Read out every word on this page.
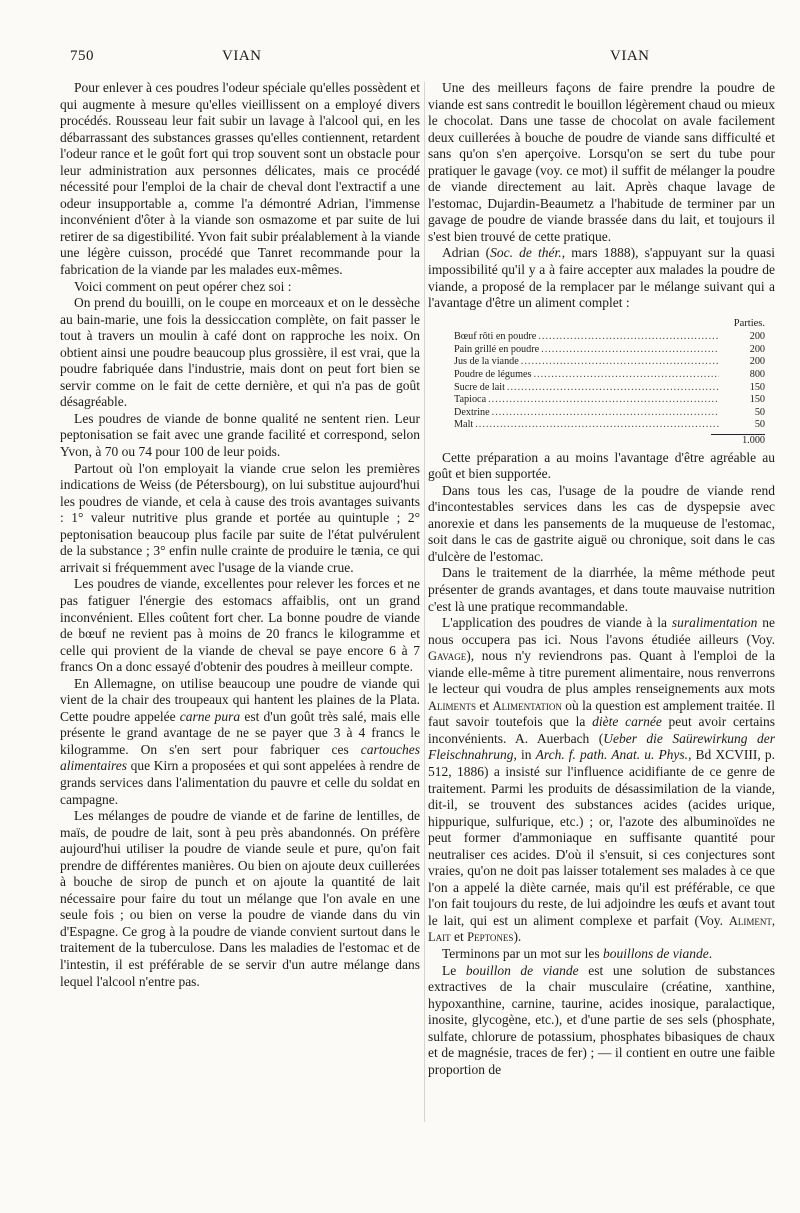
750	VIAN	VIAN

Pour enlever à ces poudres l'odeur spéciale qu'elles possèdent et qui augmente à mesure qu'elles vieillissent on a employé divers procédés. Rousseau leur fait subir un lavage à l'alcool qui, en les débarrassant des substances grasses qu'elles contiennent, retardent l'odeur rance et le goût fort qui trop souvent sont un obstacle pour leur administration aux personnes délicates, mais ce procédé nécessité pour l'emploi de la chair de cheval dont l'extractif a une odeur insupportable a, comme l'a démontré Adrian, l'immense inconvénient d'ôter à la viande son osmazome et par suite de lui retirer de sa digestibilité. Yvon fait subir préalablement à la viande une légère cuisson, procédé que Tanret recommande pour la fabrication de la viande par les malades eux-mêmes.

Voici comment on peut opérer chez soi :

On prend du bouilli, on le coupe en morceaux et on le dessèche au bain-marie, une fois la dessiccation complète, on fait passer le tout à travers un moulin à café dont on rapproche les noix. On obtient ainsi une poudre beaucoup plus grossière, il est vrai, que la poudre fabriquée dans l'industrie, mais dont on peut fort bien se servir comme on le fait de cette dernière, et qui n'a pas de goût désagréable.

Les poudres de viande de bonne qualité ne sentent rien. Leur peptonisation se fait avec une grande facilité et correspond, selon Yvon, à 70 ou 74 pour 100 de leur poids.

Partout où l'on employait la viande crue selon les premières indications de Weiss (de Pétersbourg), on lui substitue aujourd'hui les poudres de viande, et cela à cause des trois avantages suivants : 1° valeur nutritive plus grande et portée au quintuple ; 2° peptonisation beaucoup plus facile par suite de l'état pulvérulent de la substance ; 3° enfin nulle crainte de produire le tænia, ce qui arrivait si fréquemment avec l'usage de la viande crue.

Les poudres de viande, excellentes pour relever les forces et ne pas fatiguer l'énergie des estomacs affaiblis, ont un grand inconvénient. Elles coûtent fort cher. La bonne poudre de viande de bœuf ne revient pas à moins de 20 francs le kilogramme et celle qui provient de la viande de cheval se paye encore 6 à 7 francs On a donc essayé d'obtenir des poudres à meilleur compte.

En Allemagne, on utilise beaucoup une poudre de viande qui vient de la chair des troupeaux qui hantent les plaines de la Plata. Cette poudre appelée carne pura est d'un goût très salé, mais elle présente le grand avantage de ne se payer que 3 à 4 francs le kilogramme. On s'en sert pour fabriquer ces cartouches alimentaires que Kirn a proposées et qui sont appelées à rendre de grands services dans l'alimentation du pauvre et celle du soldat en campagne.

Les mélanges de poudre de viande et de farine de lentilles, de maïs, de poudre de lait, sont à peu près abandonnés. On préfère aujourd'hui utiliser la poudre de viande seule et pure, qu'on fait prendre de différentes manières. Ou bien on ajoute deux cuillerées à bouche de sirop de punch et on ajoute la quantité de lait nécessaire pour faire du tout un mélange que l'on avale en une seule fois ; ou bien on verse la poudre de viande dans du vin d'Espagne. Ce grog à la poudre de viande convient surtout dans le traitement de la tuberculose. Dans les maladies de l'estomac et de l'intestin, il est préférable de se servir d'un autre mélange dans lequel l'alcool n'entre pas.

Une des meilleurs façons de faire prendre la poudre de viande est sans contredit le bouillon légèrement chaud ou mieux le chocolat. Dans une tasse de chocolat on avale facilement deux cuillerées à bouche de poudre de viande sans difficulté et sans qu'on s'en aperçoive. Lorsqu'on se sert du tube pour pratiquer le gavage (voy. ce mot) il suffit de mélanger la poudre de viande directement au lait. Après chaque lavage de l'estomac, Dujardin-Beaumetz a l'habitude de terminer par un gavage de poudre de viande brassée dans du lait, et toujours il s'est bien trouvé de cette pratique.

Adrian (Soc. de thér., mars 1888), s'appuyant sur la quasi impossibilité qu'il y a à faire accepter aux malades la poudre de viande, a proposé de la remplacer par le mélange suivant qui a l'avantage d'être un aliment complet :

Parties.
Bœuf rôti en poudre .....	200
Pain grillé en poudre .....	200
Jus de la viande .....	200
Poudre de légumes .....	800
Sucre de lait .....	150
Tapioca .....	150
Dextrine .....	50
Malt .....	50
1.000

Cette préparation a au moins l'avantage d'être agréable au goût et bien supportée.

Dans tous les cas, l'usage de la poudre de viande rend d'incontestables services dans les cas de dyspepsie avec anorexie et dans les pansements de la muqueuse de l'estomac, soit dans le cas de gastrite aiguë ou chronique, soit dans le cas d'ulcère de l'estomac.

Dans le traitement de la diarrhée, la même méthode peut présenter de grands avantages, et dans toute mauvaise nutrition c'est là une pratique recommandable.

L'application des poudres de viande à la suralimentation ne nous occupera pas ici. Nous l'avons étudiée ailleurs (Voy. Gavage), nous n'y reviendrons pas. Quant à l'emploi de la viande elle-même à titre purement alimentaire, nous renverrons le lecteur qui voudra de plus amples renseignements aux mots Aliments et Alimentation où la question est amplement traitée. Il faut savoir toutefois que la diète carnée peut avoir certains inconvénients. A. Auerbach (Ueber die Saürewirkung der Fleischnahrung, in Arch. f. path. Anat. u. Phys., Bd XCVIII, p. 512, 1886) a insisté sur l'influence acidifiante de ce genre de traitement. Parmi les produits de désassimilation de la viande, dit-il, se trouvent des substances acides (acides urique, hippurique, sulfurique, etc.) ; or, l'azote des albuminoïdes ne peut former d'ammoniaque en suffisante quantité pour neutraliser ces acides. D'où il s'ensuit, si ces conjectures sont vraies, qu'on ne doit pas laisser totalement ses malades à ce que l'on a appelé la diète carnée, mais qu'il est préférable, ce que l'on fait toujours du reste, de lui adjoindre les œufs et avant tout le lait, qui est un aliment complexe et parfait (Voy. Aliment, Lait et Peptones).

Terminons par un mot sur les bouillons de viande.

Le bouillon de viande est une solution de substances extractives de la chair musculaire (créatine, xanthine, hypoxanthine, carnine, taurine, acides inosique, paralactique, inosite, glycogène, etc.), et d'une partie de ses sels (phosphate, sulfate, chlorure de potassium, phosphates bibasiques de chaux et de magnésie, traces de fer) ; — il contient en outre une faible proportion de
